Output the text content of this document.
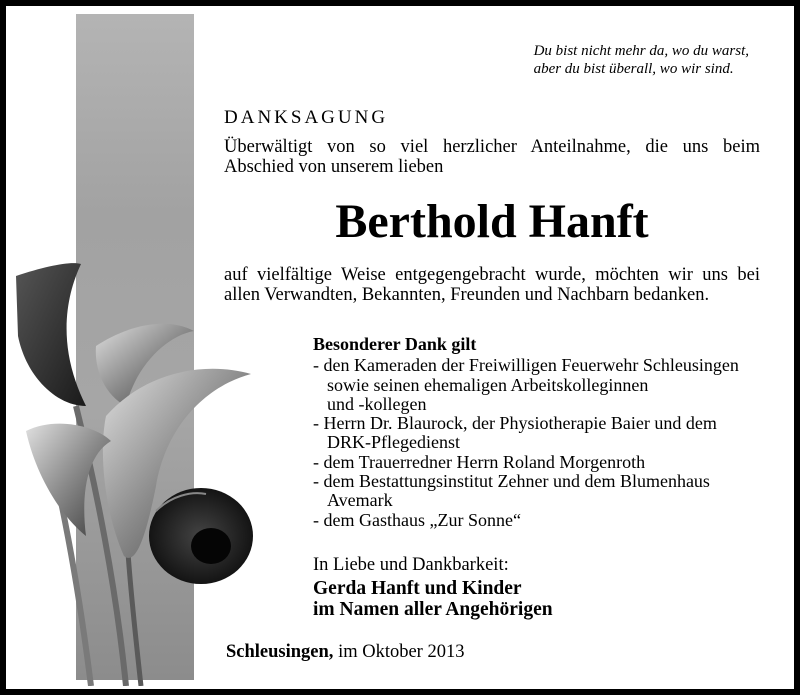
Du bist nicht mehr da, wo du warst,
aber du bist überall, wo wir sind.
DANKSAGUNG
Überwältigt von so viel herzlicher Anteilnahme, die uns beim
Abschied von unserem lieben
Berthold Hanft
auf vielfältige Weise entgegengebracht wurde, möchten wir uns bei
allen Verwandten, Bekannten, Freunden und Nachbarn bedanken.
Besonderer Dank gilt
- den Kameraden der Freiwilligen Feuerwehr Schleusingen
sowie seinen ehemaligen Arbeitskolleginnen
und -kollegen
- Herrn Dr. Blaurock, der Physiotherapie Baier und dem
DRK-Pflegedienst
- dem Trauerredner Herrn Roland Morgenroth
- dem Bestattungsinstitut Zehner und dem Blumenhaus
Avemark
- dem Gasthaus „Zur Sonne“
In Liebe und Dankbarkeit:
Gerda Hanft und Kinder
im Namen aller Angehörigen
Schleusingen, im Oktober 2013
